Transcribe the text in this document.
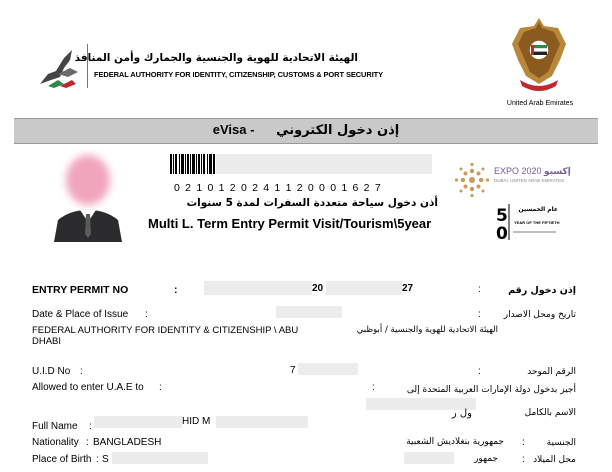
الهيئة الاتحادية للهوية والجنسية والجمارك وأمن المنافذ
FEDERAL AUTHORITY FOR IDENTITY, CITIZENSHIP, CUSTOMS & PORT SECURITY
United Arab Emirates
eVisa - إذن دخول الكتروني
0 2 1 0 1 2 0 2 4 1 1 2 0 0 0 1 6 2 7
أذن دخول سياحة متعددة السفرات لمدة 5 سنوات
Multi L. Term Entry Permit Visit/Tourism\5year
EXPO 2020 إكسبو
DUBAI, UNITED ARAB EMIRATES
5
0
عام الخمسين
YEAR OF THE FIFTIETH
ENTRY PERMIT NO	:	20	27	:	إذن دخول رقم
Date & Place of Issue :	:	تاريخ ومحل الاصدار
FEDERAL AUTHORITY FOR IDENTITY & CITIZENSHIP \ ABU DHABI
الهيئة الاتحادية للهوية والجنسية / أبوظبي
U.I.D No :	7	:	الرقم الموحد
Allowed to enter U.A.E to :	:	أجيز بدخول دولة الإمارات العربية المتحدة إلى
Full Name :	HID M
ول ر	الاسم بالكامل
Nationality : BANGLADESH	جمهورية بنغلاديش الشعبية :	الجنسية
Place of Birth : S	جمهور : محل الميلاد
